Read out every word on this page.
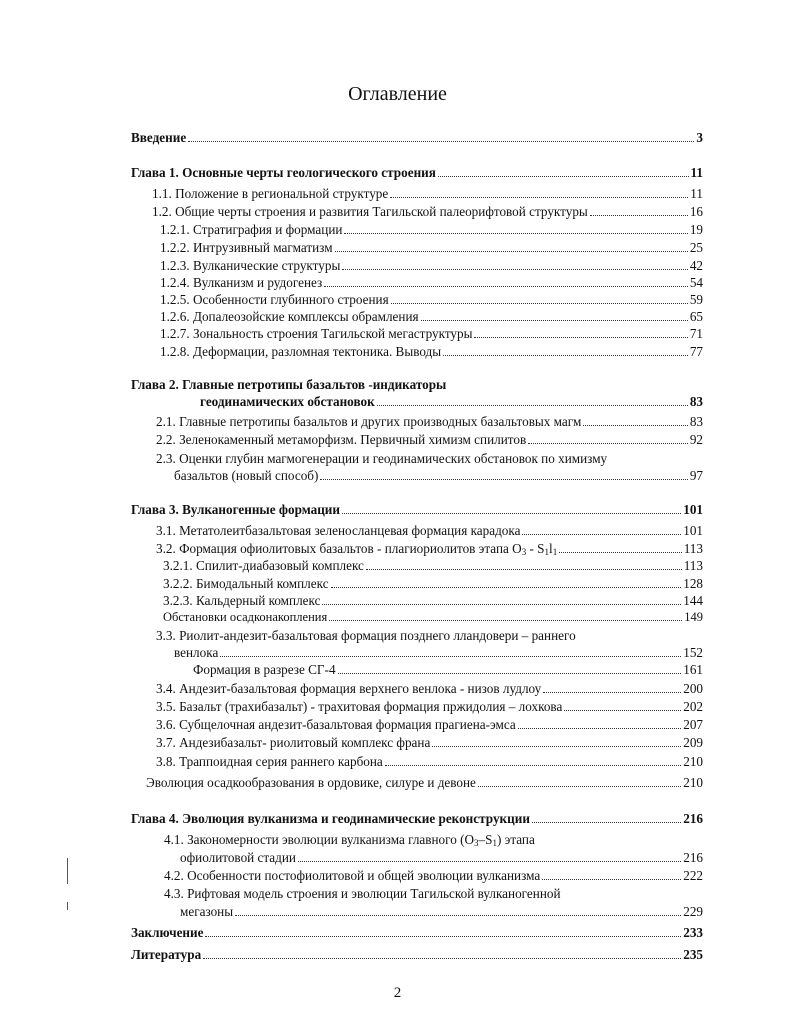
Оглавление
Введение	3
Глава 1. Основные черты геологического строения	11
1.1. Положение в региональной структуре	11
1.2. Общие черты строения и развития Тагильской палеорифтовой структуры	16
1.2.1. Стратиграфия и формации	19
1.2.2. Интрузивный магматизм	25
1.2.3. Вулканические структуры	42
1.2.4. Вулканизм и рудогенез	54
1.2.5. Особенности глубинного строения	59
1.2.6. Допалеозойские комплексы обрамления	65
1.2.7. Зональность строения Тагильской мегаструктуры	71
1.2.8. Деформации, разломная тектоника. Выводы	77
Глава 2. Главные петротипы базальтов -индикаторы
геодинамических обстановок	83
2.1. Главные петротипы базальтов и других производных базальтовых магм	83
2.2. Зеленокаменный метаморфизм. Первичный химизм спилитов	92
2.3. Оценки глубин магмогенерации и геодинамических обстановок по химизму
базальтов (новый способ)	97
Глава 3. Вулканогенные формации	101
3.1. Метатолеитбазальтовая зеленосланцевая формация карадока	101
3.2. Формация офиолитовых базальтов - плагиориолитов этапа $O_3 - S_1l_1$	113
3.2.1. Спилит-диабазовый комплекс	113
3.2.2. Бимодальный комплекс	128
3.2.3. Кальдерный комплекс	144
Обстановки осадконакопления	149
3.3. Риолит-андезит-базальтовая формация позднего лландовери – раннего
венлока	152
Формация в разрезе СГ-4	161
3.4. Андезит-базальтовая формация верхнего венлока - низов лудлоу	200
3.5. Базальт (трахибазальт) - трахитовая формация пржидолия – лохкова	202
3.6. Субщелочная андезит-базальтовая формация прагиена-эмса	207
3.7. Андезибазальт- риолитовый комплекс франа	209
3.8. Траппоидная серия раннего карбона	210
Эволюция осадкообразования в ордовике, силуре и девоне	210
Глава 4. Эволюция вулканизма и геодинамические реконструкции	216
4.1. Закономерности эволюции вулканизма главного $(O_3-S_1)$ этапа
офиолитовой стадии	216
4.2. Особенности постофиолитовой и общей эволюции вулканизма	222
4.3. Рифтовая модель строения и эволюции Тагильской вулканогенной
мегазоны	229
Заключение	233
Литература	235
2
